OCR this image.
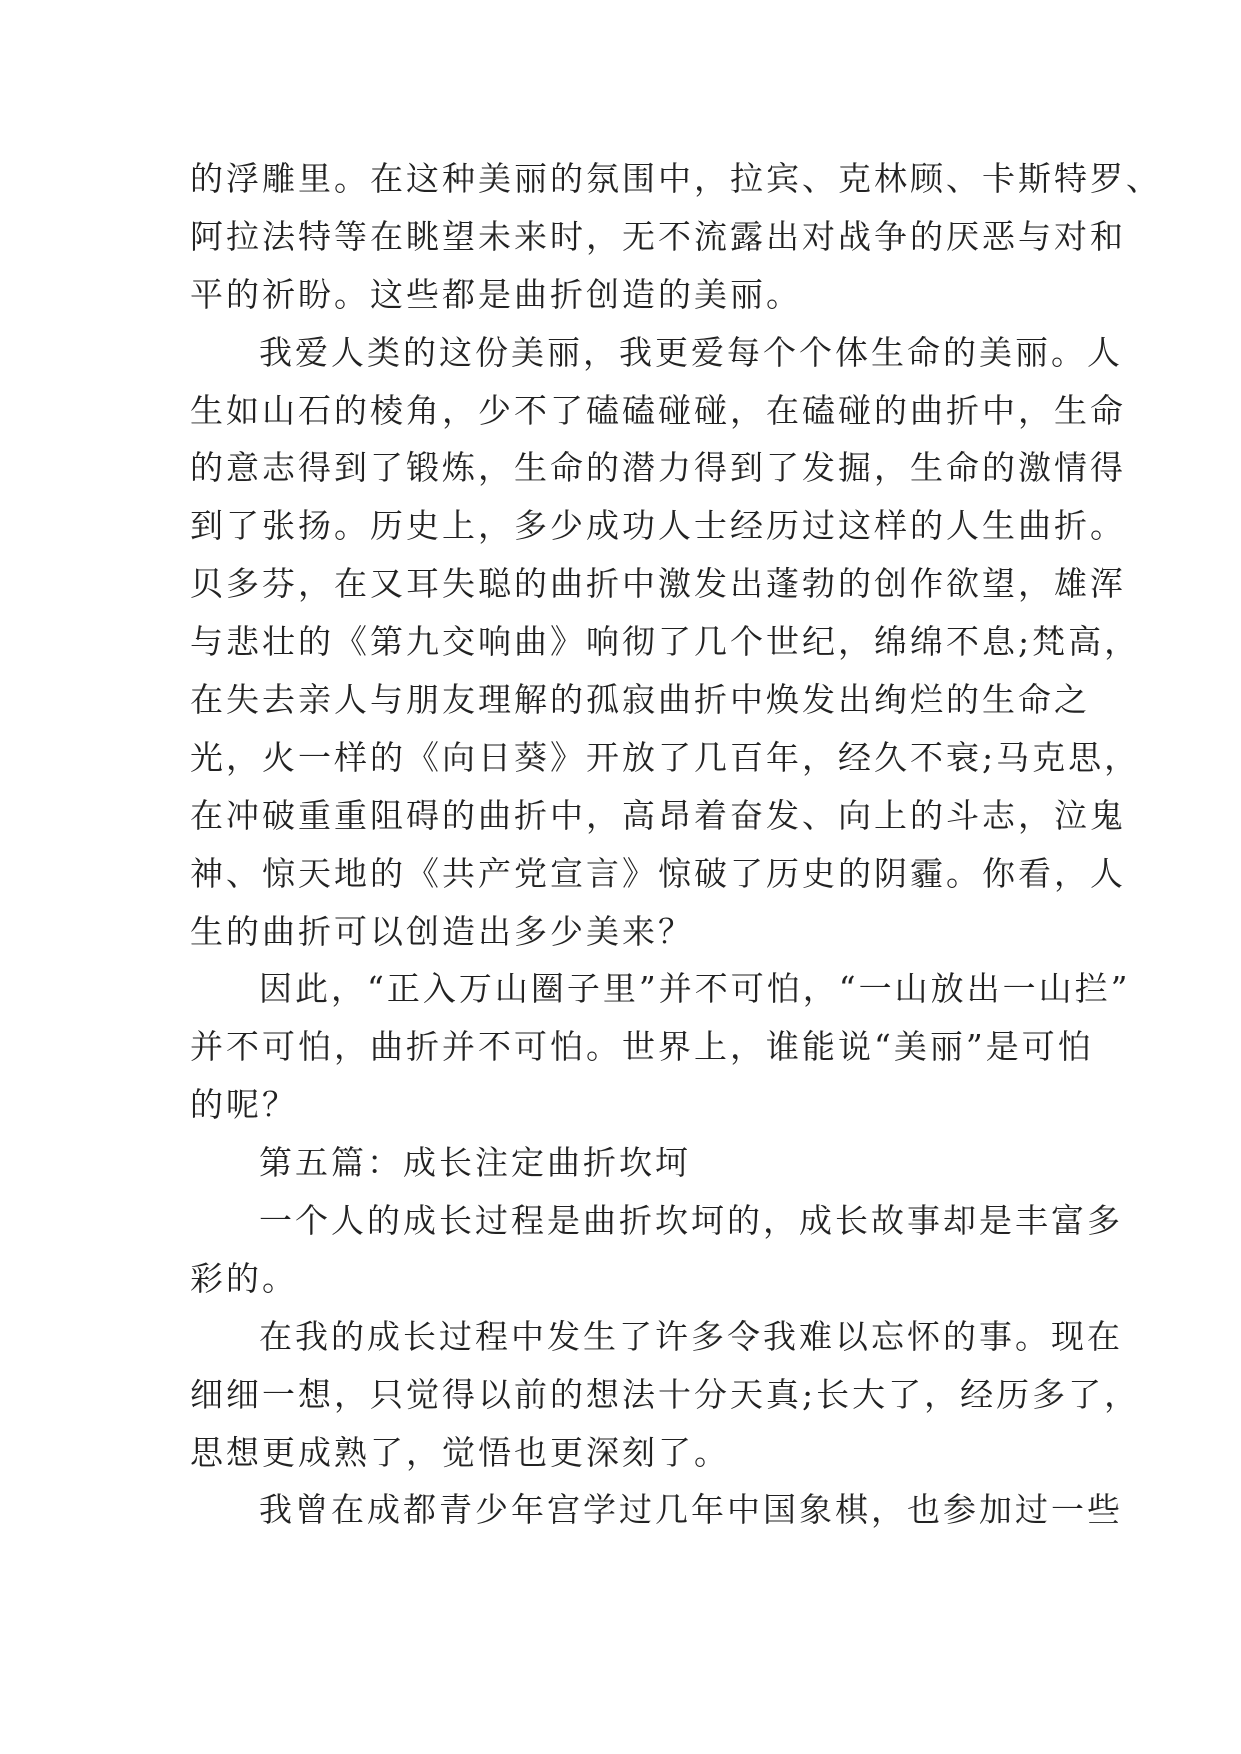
的浮雕里。在这种美丽的氛围中，拉宾、克林顾、卡斯特罗、

阿拉法特等在眺望未来时，无不流露出对战争的厌恶与对和

平的祈盼。这些都是曲折创造的美丽。

我爱人类的这份美丽，我更爱每个个体生命的美丽。人

生如山石的棱角，少不了磕磕碰碰，在磕碰的曲折中，生命

的意志得到了锻炼，生命的潜力得到了发掘，生命的激情得

到了张扬。历史上，多少成功人士经历过这样的人生曲折。

贝多芬，在又耳失聪的曲折中激发出蓬勃的创作欲望，雄浑

与悲壮的《第九交响曲》响彻了几个世纪，绵绵不息;梵高，

在失去亲人与朋友理解的孤寂曲折中焕发出绚烂的生命之

光，火一样的《向日葵》开放了几百年，经久不衰;马克思，

在冲破重重阻碍的曲折中，高昂着奋发、向上的斗志，泣鬼

神、惊天地的《共产党宣言》惊破了历史的阴霾。你看，人

生的曲折可以创造出多少美来？

因此，“正入万山圈子里”并不可怕，“一山放出一山拦”

并不可怕，曲折并不可怕。世界上，谁能说“美丽”是可怕

的呢？

第五篇：成长注定曲折坎坷

一个人的成长过程是曲折坎坷的，成长故事却是丰富多

彩的。

在我的成长过程中发生了许多令我难以忘怀的事。现在

细细一想，只觉得以前的想法十分天真;长大了，经历多了，

思想更成熟了，觉悟也更深刻了。

我曾在成都青少年宫学过几年中国象棋，也参加过一些
